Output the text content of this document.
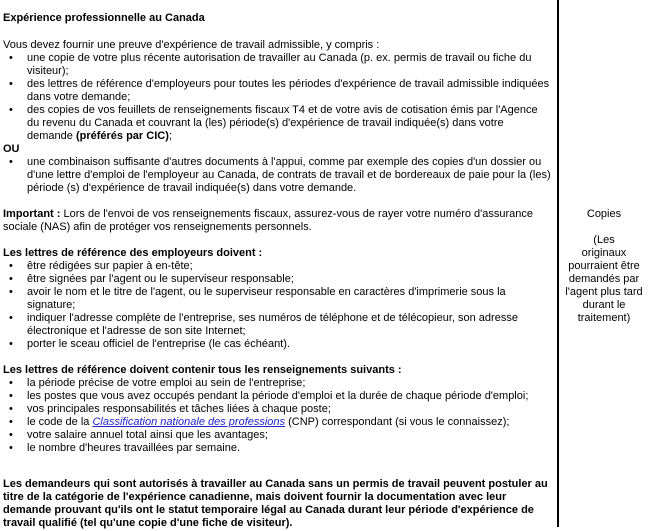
Expérience professionnelle au Canada

Vous devez fournir une preuve d'expérience de travail admissible, y compris :

• une copie de votre plus récente autorisation de travailler au Canada (p. ex. permis de travail ou fiche du visiteur);
• des lettres de référence d'employeurs pour toutes les périodes d'expérience de travail admissible indiquées dans votre demande;
• des copies de vos feuillets de renseignements fiscaux T4 et de votre avis de cotisation émis par l'Agence du revenu du Canada et couvrant la (les) période(s) d'expérience de travail indiquée(s) dans votre demande (préférés par CIC);

OU

• une combinaison suffisante d'autres documents à l'appui, comme par exemple des copies d'un dossier ou d'une lettre d'emploi de l'employeur au Canada, de contrats de travail et de bordereaux de paie pour la (les) période (s) d'expérience de travail indiquée(s) dans votre demande.

Important : Lors de l'envoi de vos renseignements fiscaux, assurez-vous de rayer votre numéro d'assurance sociale (NAS) afin de protéger vos renseignements personnels.

Les lettres de référence des employeurs doivent :

• être rédigées sur papier à en-tête;
• être signées par l'agent ou le superviseur responsable;
• avoir le nom et le titre de l'agent, ou le superviseur responsable en caractères d'imprimerie sous la signature;
• indiquer l'adresse complète de l'entreprise, ses numéros de téléphone et de télécopieur, son adresse électronique et l'adresse de son site Internet;
• porter le sceau officiel de l'entreprise (le cas échéant).

Les lettres de référence doivent contenir tous les renseignements suivants :

• la période précise de votre emploi au sein de l'entreprise;
• les postes que vous avez occupés pendant la période d'emploi et la durée de chaque période d'emploi;
• vos principales responsabilités et tâches liées à chaque poste;
• le code de la Classification nationale des professions (CNP) correspondant (si vous le connaissez);
• votre salaire annuel total ainsi que les avantages;
• le nombre d'heures travaillées par semaine.

Les demandeurs qui sont autorisés à travailler au Canada sans un permis de travail peuvent postuler au titre de la catégorie de l'expérience canadienne, mais doivent fournir la documentation avec leur demande prouvant qu'ils ont le statut temporaire légal au Canada durant leur période d'expérience de travail qualifié (tel qu'une copie d'une fiche de visiteur).

Copies
(Les
originaux
pourraient être
demandés par
l'agent plus tard
durant le
traitement)
